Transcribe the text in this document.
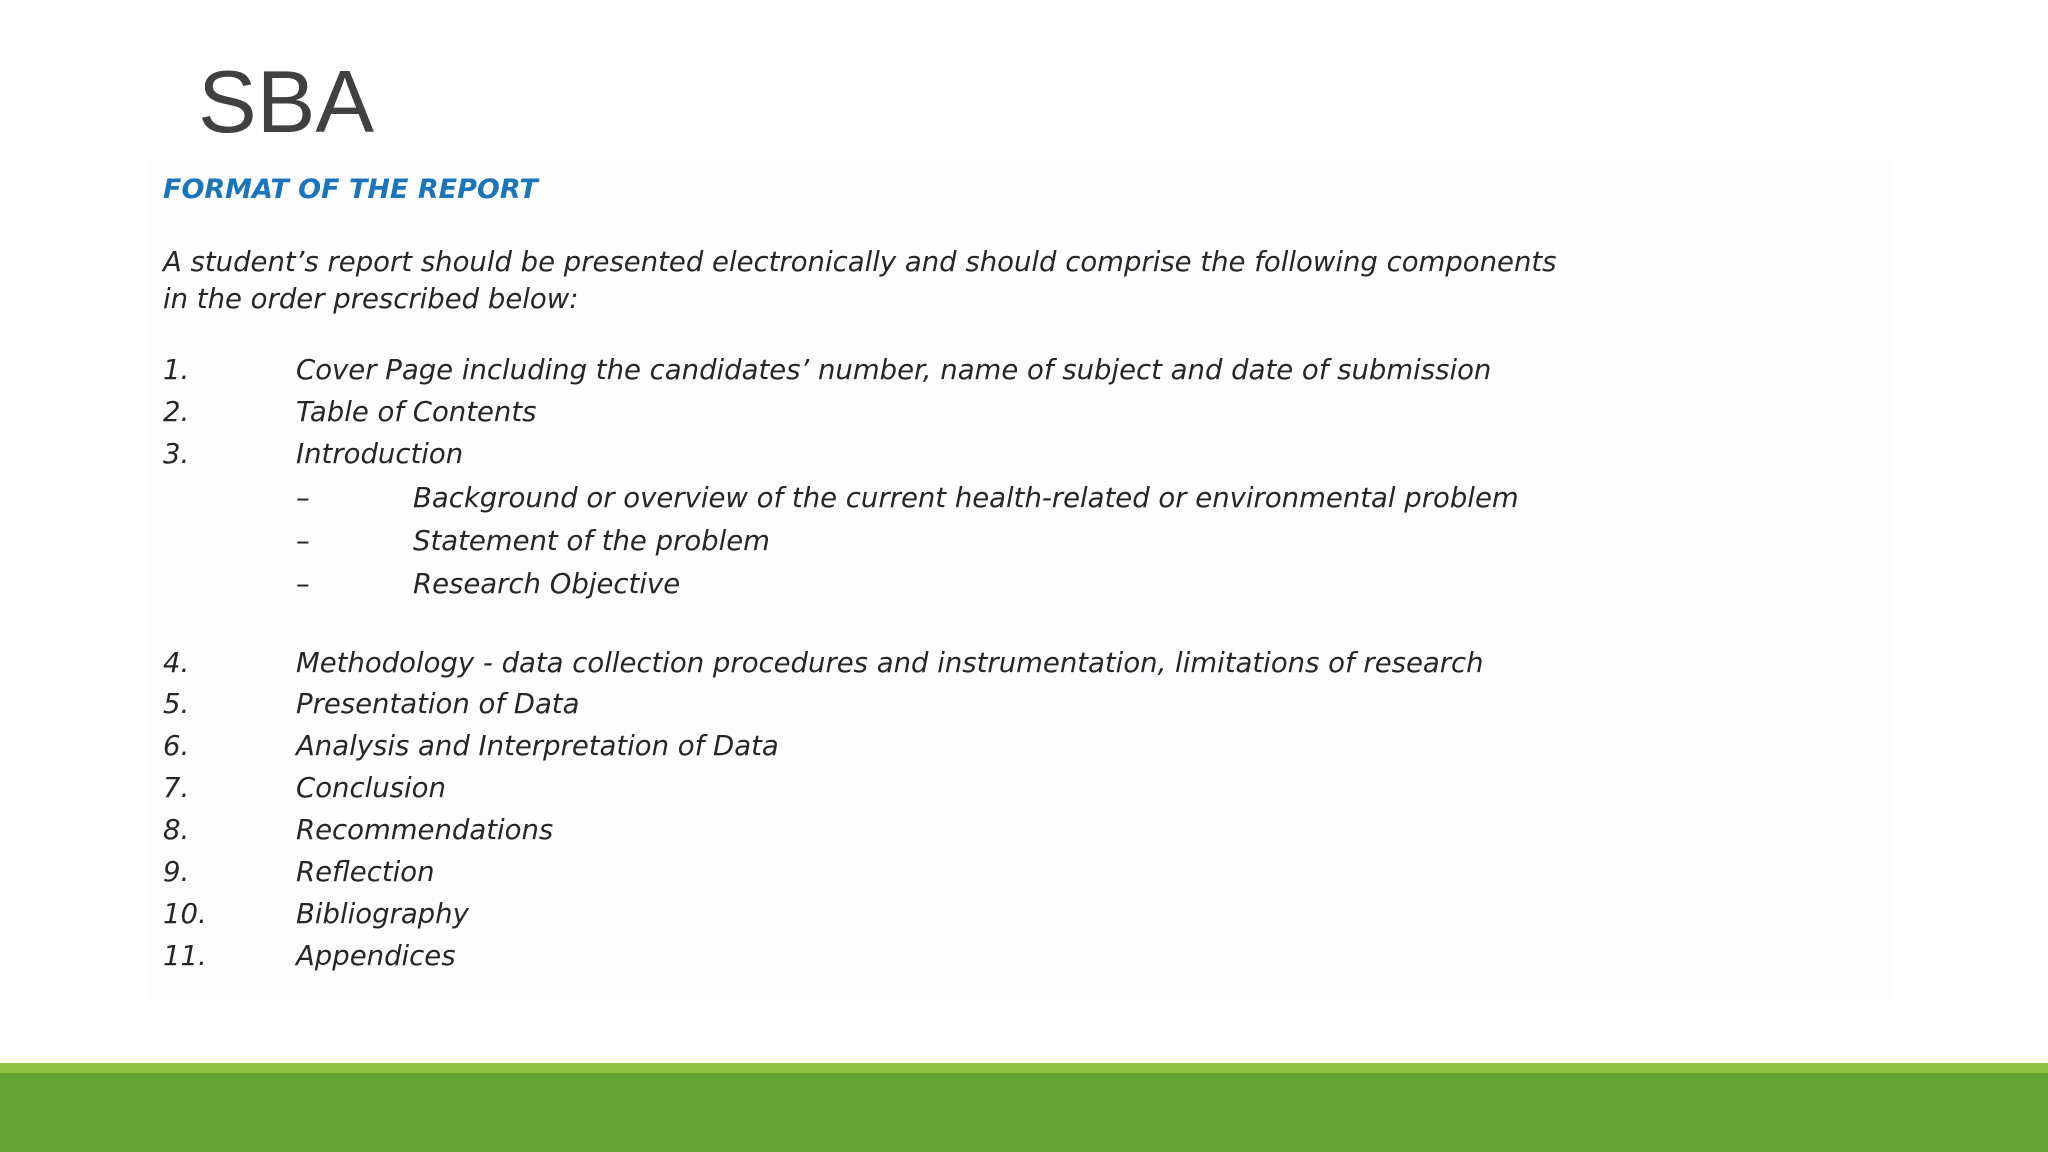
SBA
FORMAT OF THE REPORT
A student’s report should be presented electronically and should comprise the following components
in the order prescribed below:
1.	Cover Page including the candidates’ number, name of subject and date of submission
2.	Table of Contents
3.	Introduction
–	Background or overview of the current health-related or environmental problem
–	Statement of the problem
–	Research Objective
4.	Methodology - data collection procedures and instrumentation, limitations of research
5.	Presentation of Data
6.	Analysis and Interpretation of Data
7.	Conclusion
8.	Recommendations
9.	Reflection
10.	Bibliography
11.	Appendices
